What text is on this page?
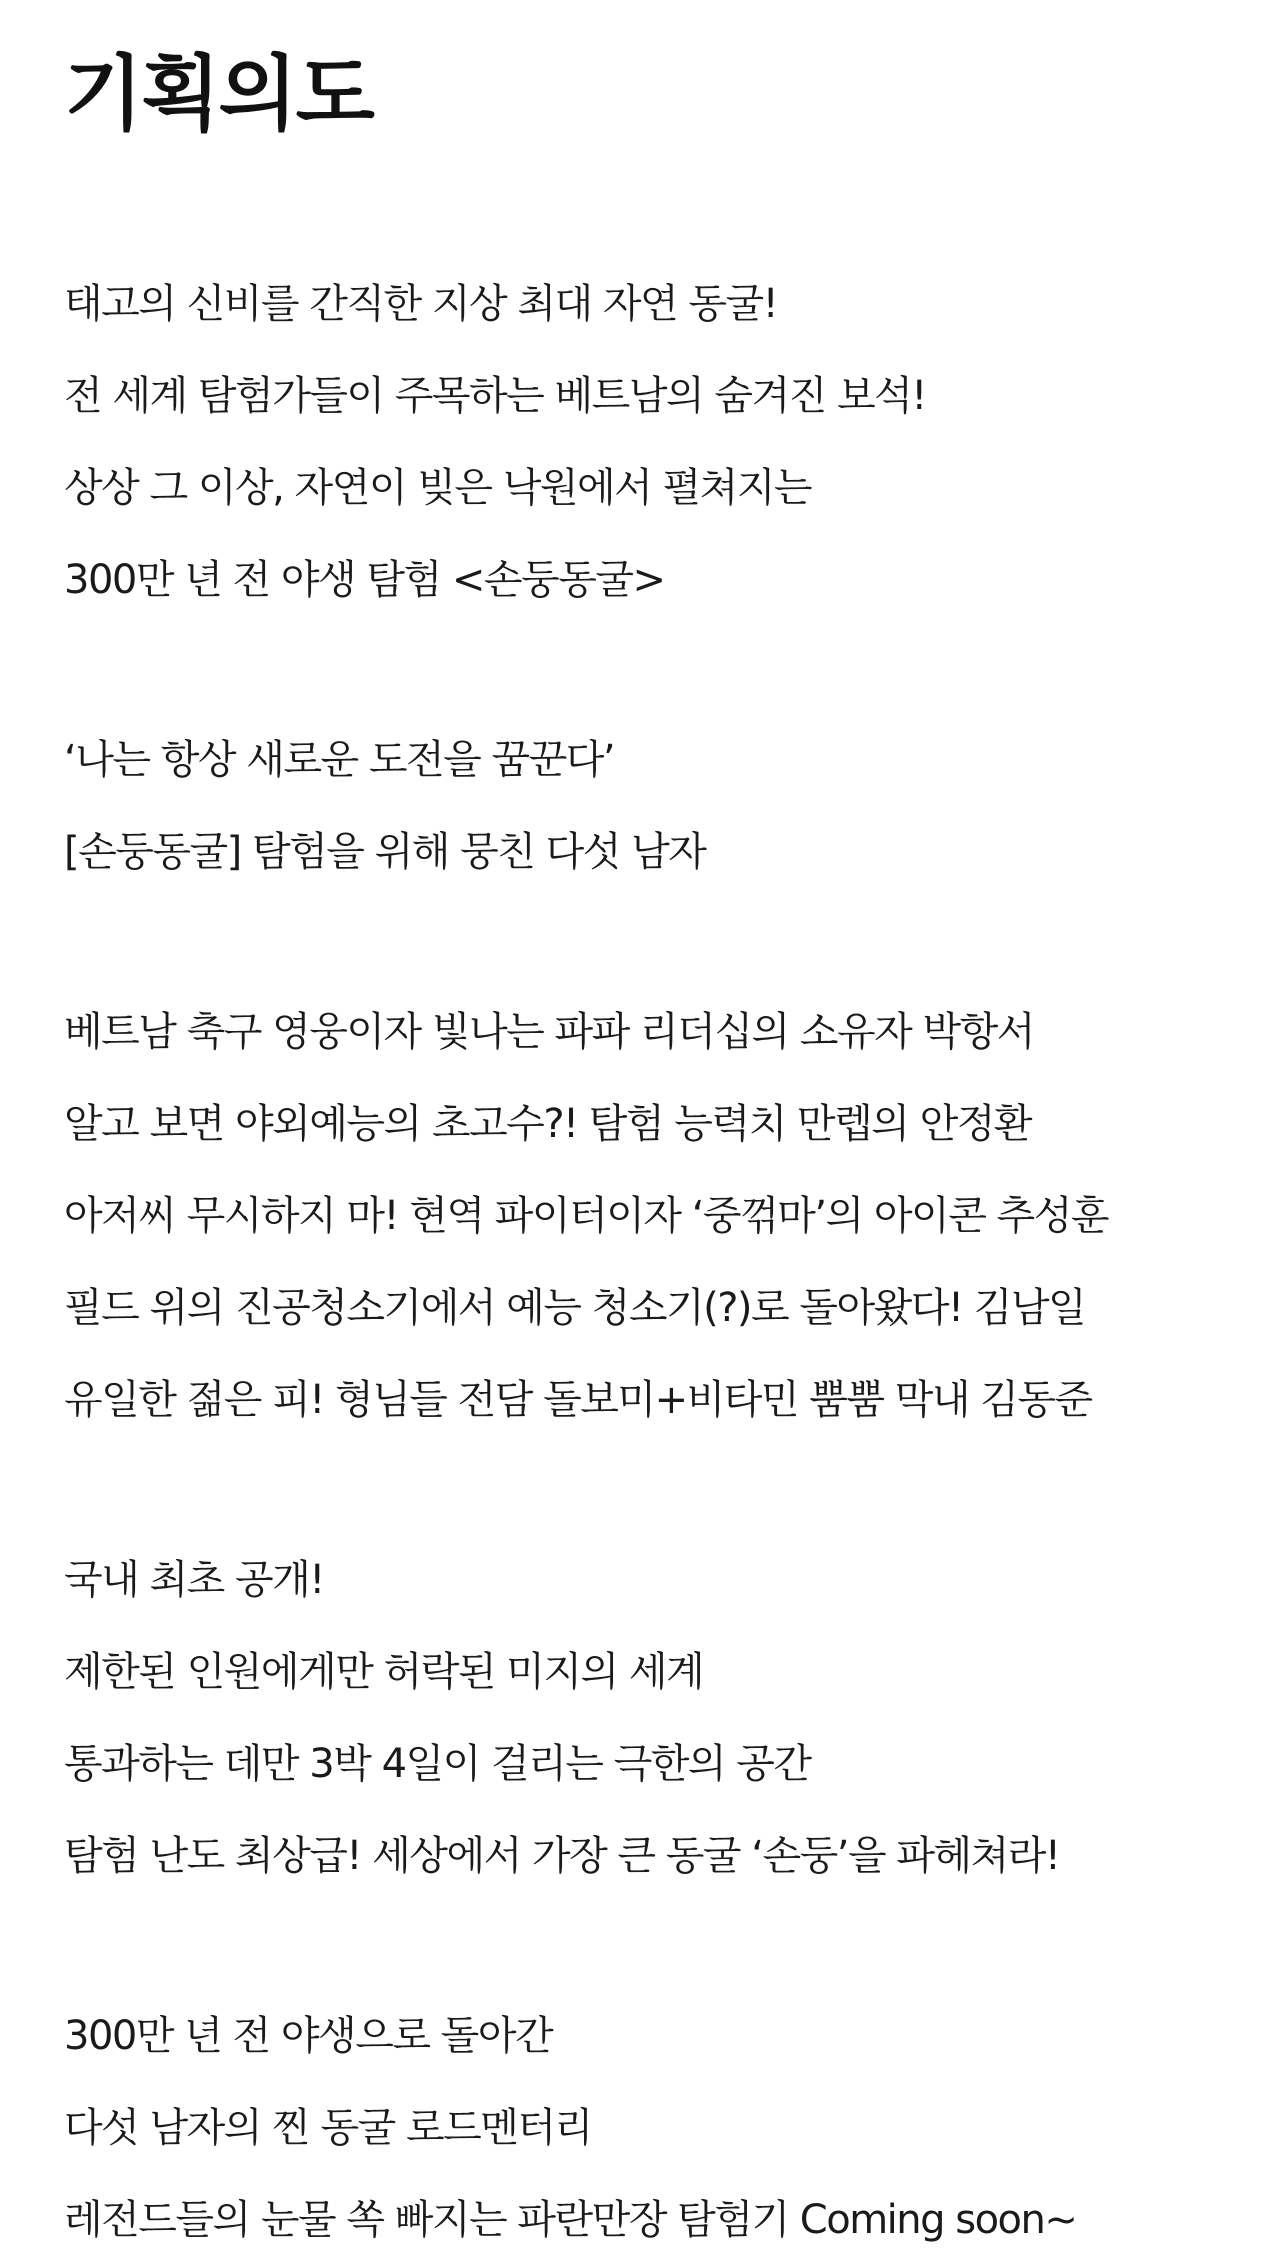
기획의도
태고의 신비를 간직한 지상 최대 자연 동굴!
전 세계 탐험가들이 주목하는 베트남의 숨겨진 보석!
상상 그 이상, 자연이 빚은 낙원에서 펼쳐지는
300만 년 전 야생 탐험 <손둥동굴>
‘나는 항상 새로운 도전을 꿈꾼다’
[손둥동굴] 탐험을 위해 뭉친 다섯 남자
베트남 축구 영웅이자 빛나는 파파 리더십의 소유자 박항서
알고 보면 야외예능의 초고수?! 탐험 능력치 만렙의 안정환
아저씨 무시하지 마! 현역 파이터이자 ‘중꺾마’의 아이콘 추성훈
필드 위의 진공청소기에서 예능 청소기(?)로 돌아왔다! 김남일
유일한 젊은 피! 형님들 전담 돌보미+비타민 뿜뿜 막내 김동준
국내 최초 공개!
제한된 인원에게만 허락된 미지의 세계
통과하는 데만 3박 4일이 걸리는 극한의 공간
탐험 난도 최상급! 세상에서 가장 큰 동굴 ‘손둥’을 파헤쳐라!
300만 년 전 야생으로 돌아간
다섯 남자의 찐 동굴 로드멘터리
레전드들의 눈물 쏙 빠지는 파란만장 탐험기 Coming soon~
